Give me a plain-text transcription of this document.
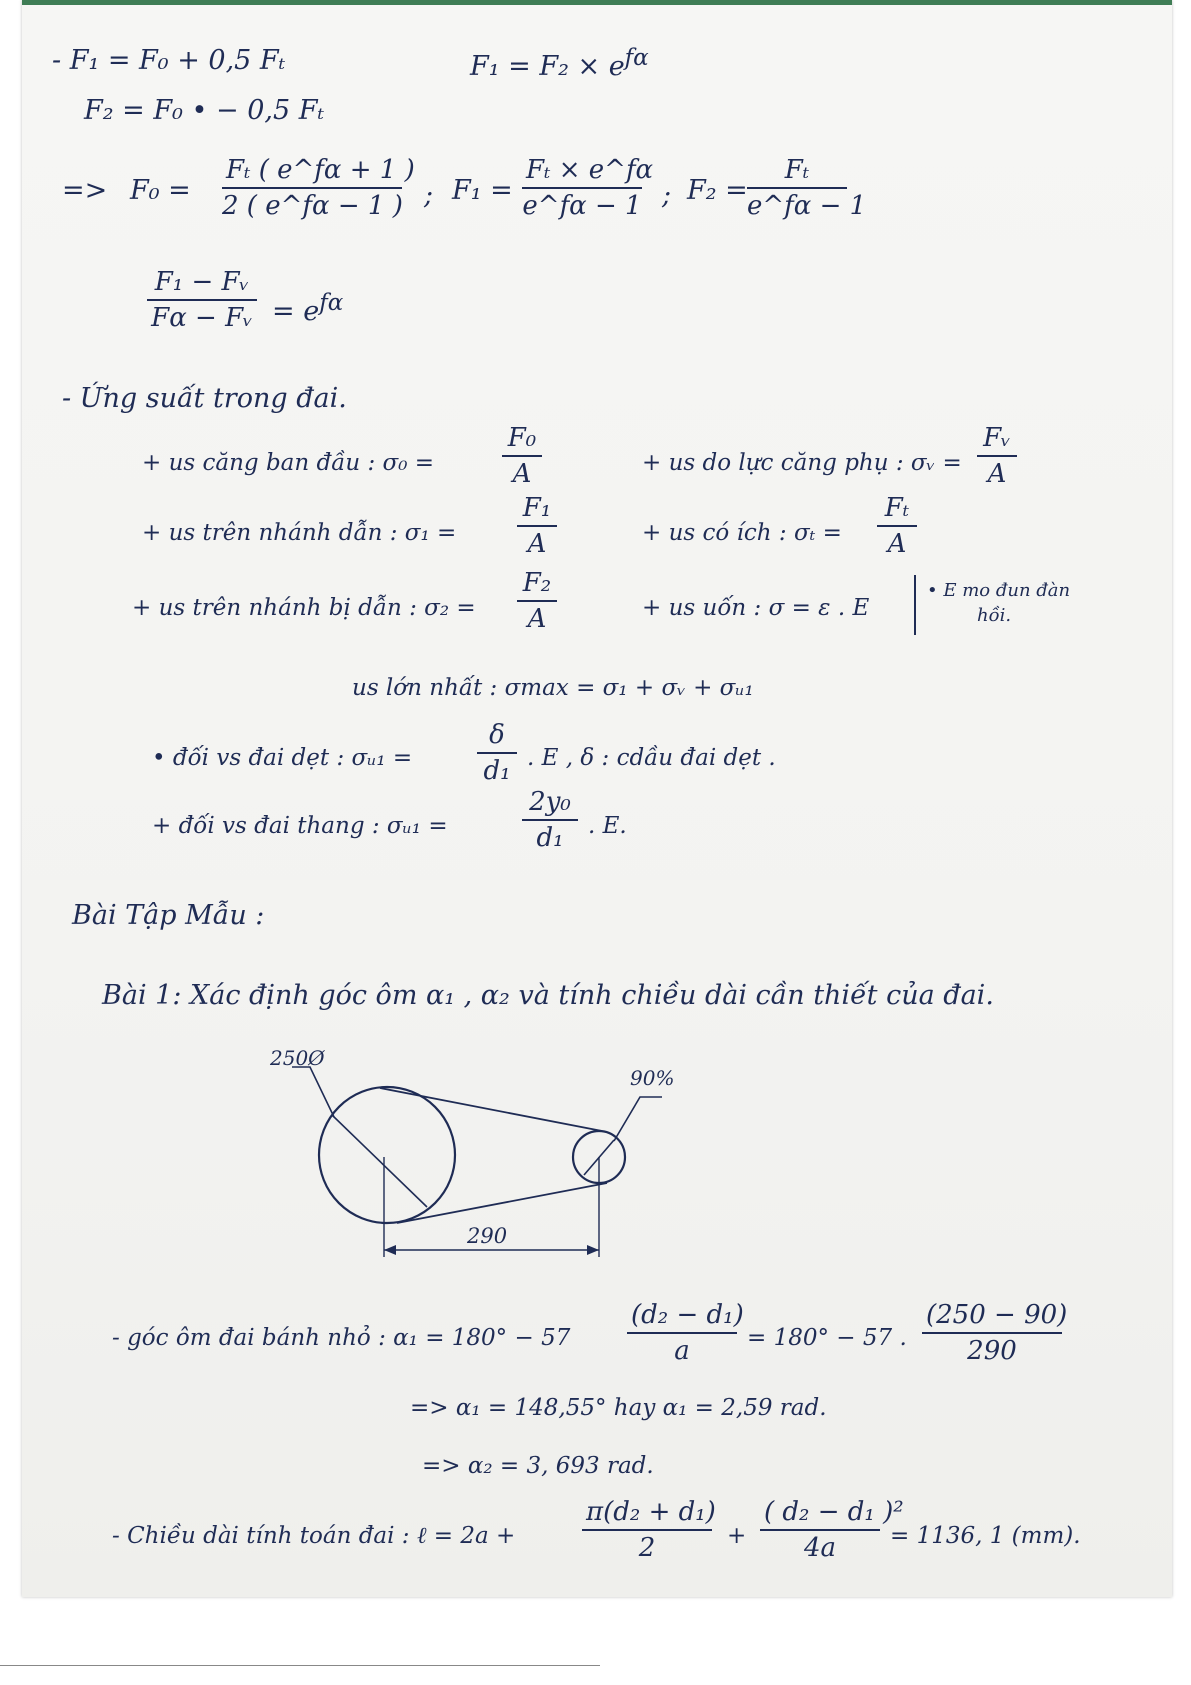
- F₁ = F₀ + 0,5 Fₜ	$F_1 = F_2 \times e^{f\alpha}$
F₂ = F₀ • − 0,5 Fₜ
=> $F_0 = \frac{\text{Fₜ ( e\textasciicircum{}fα + 1 )}}{2 ( e\^{}f\alpha - 1 )}$ ; $F_1 = \frac{\text{Fₜ × e\textasciicircum{}fα}}{e\^{}f\alpha - 1}$ ; $F_2 = \frac{\text{Fₜ}}{e\^{}f\alpha - 1}$
$\frac{\text{F₁ − Fᵥ}}{\text{Fα − Fᵥ}} = e^{f\alpha}$
- Ứng suất trong đai.
+ us căng ban đầu : σ₀ =	$\frac{\text{F₀}}{A}$	+ us do lực căng phụ : σᵥ = $\frac{\text{Fᵥ}}{A}$
+ us trên nhánh dẫn : $\sigma_1 = \frac{\text{F₁}}{A}$	+ us có ích : $\sigma_t = \frac{\text{Fₜ}}{A}$
+ us trên nhánh bị dẫn : $\sigma_2 = \frac{\text{F₂}}{A}$	+ us uốn : σ = ε . E
• E mo đun đàn
hồi.
us lớn nhất : σmax = σ₁ + σᵥ + σᵤ₁
• đối vs đai dẹt : σᵤ₁ = $\frac{\delta}{\text{d₁}}$ . E , δ : cdầu đai dẹt .
+ đối vs đai thang : σᵤ₁ =	$\frac{\text{2y₀}}{\text{d₁}}$ . E.
Bài Tập Mẫu :
Bài 1: Xác định góc ôm α₁ , α₂ và tính chiều dài cần thiết của đai.
250Ø
90%
290
- góc ôm đai bánh nhỏ : $\alpha_1 = 180^\circ - 57 \frac{\text{(d₂ − d₁)}}{a} = 180^\circ - 57$ . $\frac{(250 - 90)}{290}$
=> α₁ = 148,55° hay α₁ = 2,59 rad.
=> α₂ = 3, 693 rad.
- Chiều dài tính toán đai : ℓ = 2a +	$\frac{\text{π(d₂ + d₁)}}{2} + \frac{\text{( d₂ − d₁ )²}}{4a} = 1136$, 1 (mm).
